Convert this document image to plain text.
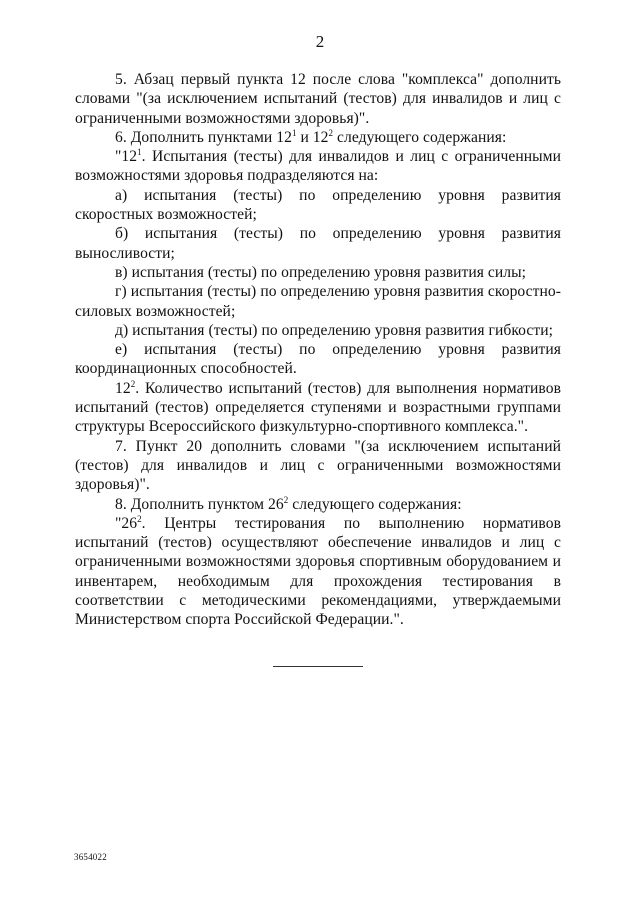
2

5. Абзац первый пункта 12 после слова "комплекса" дополнить словами "(за исключением испытаний (тестов) для инвалидов и лиц с ограниченными возможностями здоровья)".

6. Дополнить пунктами $12^1$ и $12^2$ следующего содержания:

"$12^1$. Испытания (тесты) для инвалидов и лиц с ограниченными возможностями здоровья подразделяются на:

а) испытания (тесты) по определению уровня развития скоростных возможностей;

б) испытания (тесты) по определению уровня развития выносливости;

в) испытания (тесты) по определению уровня развития силы;

г) испытания (тесты) по определению уровня развития скоростно-силовых возможностей;

д) испытания (тесты) по определению уровня развития гибкости;

е) испытания (тесты) по определению уровня развития координационных способностей.

$12^2$. Количество испытаний (тестов) для выполнения нормативов испытаний (тестов) определяется ступенями и возрастными группами структуры Всероссийского физкультурно-спортивного комплекса.".

7. Пункт 20 дополнить словами "(за исключением испытаний (тестов) для инвалидов и лиц с ограниченными возможностями здоровья)".

8. Дополнить пунктом $26^2$ следующего содержания:

"$26^2$. Центры тестирования по выполнению нормативов испытаний (тестов) осуществляют обеспечение инвалидов и лиц с ограниченными возможностями здоровья спортивным оборудованием и инвентарем, необходимым для прохождения тестирования в соответствии с методическими рекомендациями, утверждаемыми Министерством спорта Российской Федерации.".

3654022
